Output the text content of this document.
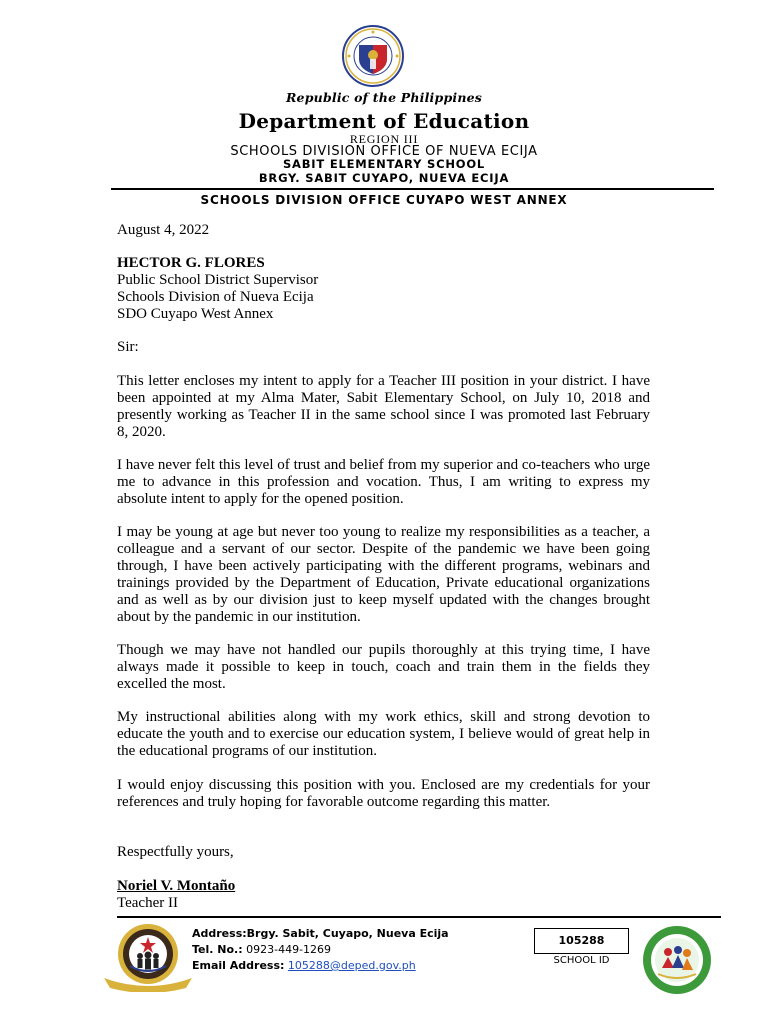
Republic of the Philippines
Department of Education
REGION III
SCHOOLS DIVISION OFFICE OF NUEVA ECIJA
SABIT ELEMENTARY SCHOOL
BRGY. SABIT CUYAPO, NUEVA ECIJA
SCHOOLS DIVISION OFFICE CUYAPO WEST ANNEX
August 4, 2022
HECTOR G. FLORES
Public School District Supervisor
Schools Division of Nueva Ecija
SDO Cuyapo West Annex
Sir:
This letter encloses my intent to apply for a Teacher III position in your district. I have been appointed at my Alma Mater, Sabit Elementary School, on July 10, 2018 and presently working as Teacher II in the same school since I was promoted last February 8, 2020.
I have never felt this level of trust and belief from my superior and co-teachers who urge me to advance in this profession and vocation. Thus, I am writing to express my absolute intent to apply for the opened position.
I may be young at age but never too young to realize my responsibilities as a teacher, a colleague and a servant of our sector. Despite of the pandemic we have been going through, I have been actively participating with the different programs, webinars and trainings provided by the Department of Education, Private educational organizations and as well as by our division just to keep myself updated with the changes brought about by the pandemic in our institution.
Though we may have not handled our pupils thoroughly at this trying time, I have always made it possible to keep in touch, coach and train them in the fields they excelled the most.
My instructional abilities along with my work ethics, skill and strong devotion to educate the youth and to exercise our education system, I believe would of great help in the educational programs of our institution.
I would enjoy discussing this position with you. Enclosed are my credentials for your references and truly hoping for favorable outcome regarding this matter.
Respectfully yours,
Noriel V. Montaño
Teacher II
Address:Brgy. Sabit, Cuyapo, Nueva Ecija
Tel. No.: 0923-449-1269
Email Address: 105288@deped.gov.ph
105288
SCHOOL ID
